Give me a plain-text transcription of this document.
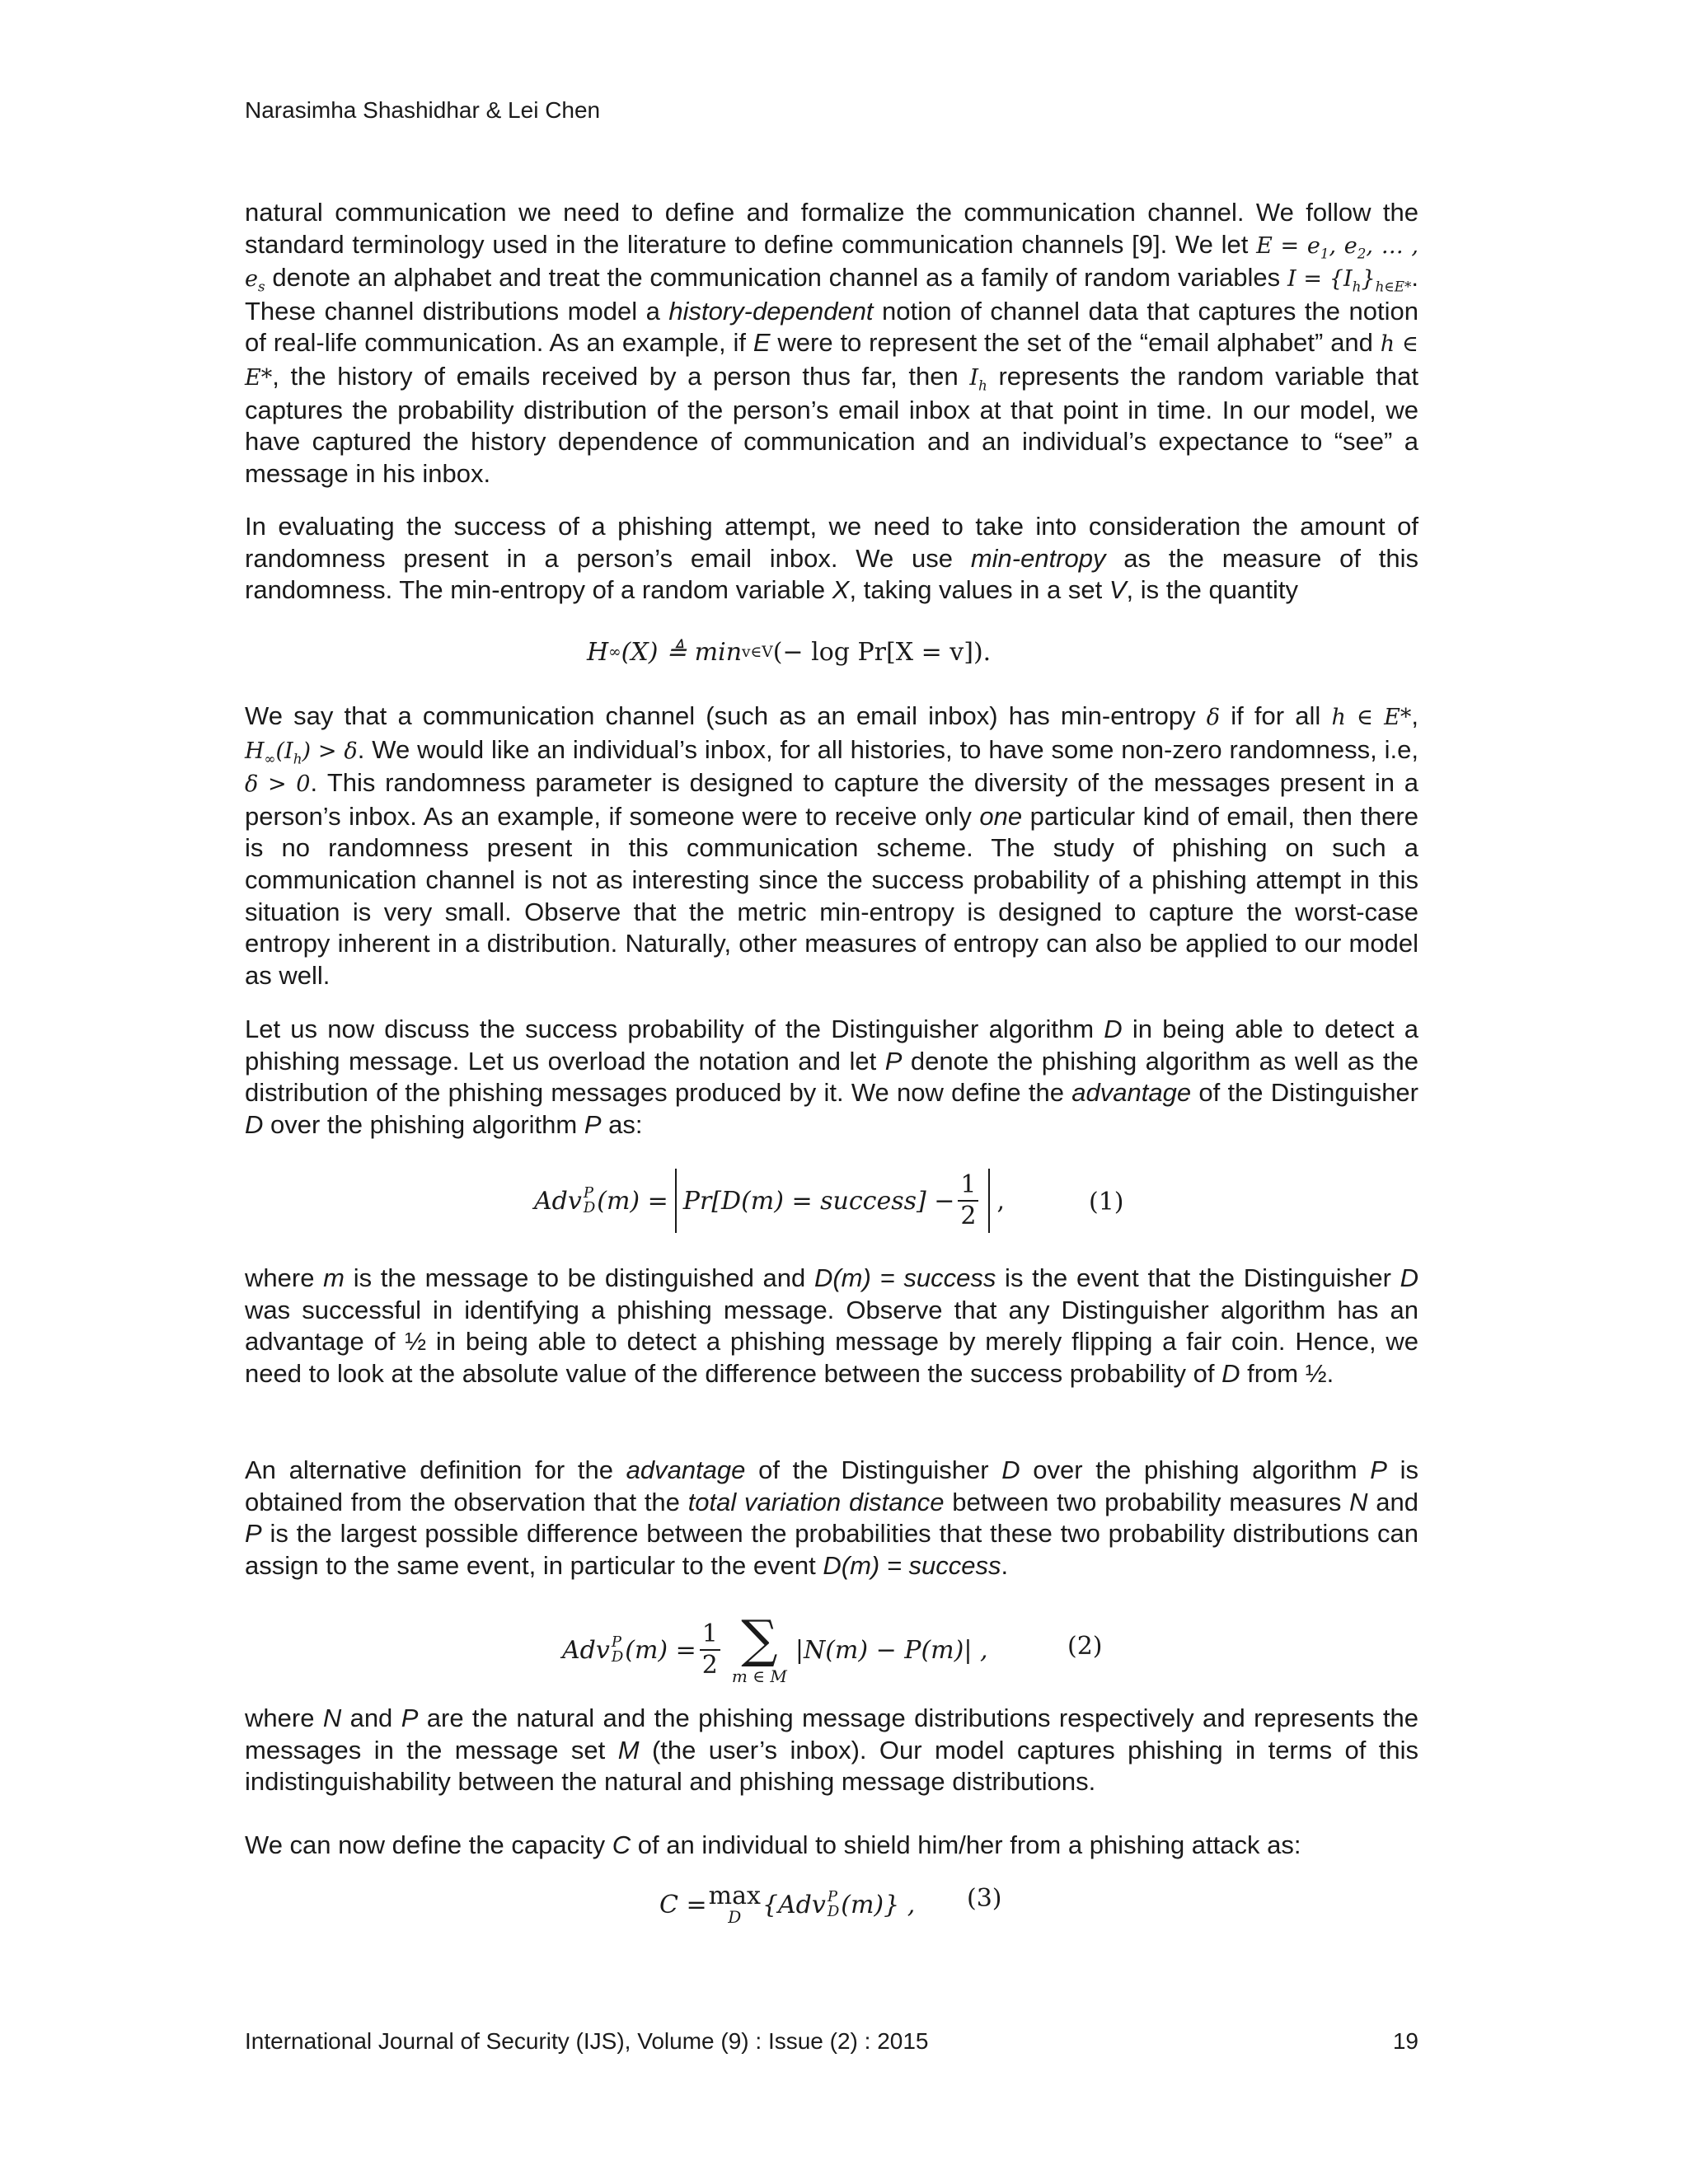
Narasimha Shashidhar & Lei Chen

natural communication we need to define and formalize the communication channel. We follow the standard terminology used in the literature to define communication channels [9]. We let $E = e_1$, $e_2$, … , $e_s$ denote an alphabet and treat the communication channel as a family of random variables $I = \{I_h\}_{h\in E*}$. These channel distributions model a history-dependent notion of channel data that captures the notion of real-life communication. As an example, if E were to represent the set of the “email alphabet” and h ∈ E*, the history of emails received by a person thus far, then $I_h$ represents the random variable that captures the probability distribution of the person’s email inbox at that point in time. In our model, we have captured the history dependence of communication and an individual’s expectance to “see” a message in his inbox.

In evaluating the success of a phishing attempt, we need to take into consideration the amount of randomness present in a person’s email inbox. We use min-entropy as the measure of this randomness. The min-entropy of a random variable X, taking values in a set V, is the quantity

H ∞ (X) ≜ min v∈V (− log Pr[X = v]).

We say that a communication channel (such as an email inbox) has min-entropy δ if for all h ∈ E*, $H_\infty(I_h) > \delta$. We would like an individual’s inbox, for all histories, to have some non-zero randomness, i.e, δ > 0. This randomness parameter is designed to capture the diversity of the messages present in a person’s inbox. As an example, if someone were to receive only one particular kind of email, then there is no randomness present in this communication scheme. The study of phishing on such a communication channel is not as interesting since the success probability of a phishing attempt in this situation is very small. Observe that the metric min-entropy is designed to capture the worst-case entropy inherent in a distribution. Naturally, other measures of entropy can also be applied to our model as well.

Let us now discuss the success probability of the Distinguisher algorithm D in being able to detect a phishing message. Let us overload the notation and let P denote the phishing algorithm as well as the distribution of the phishing messages produced by it. We now define the advantage of the Distinguisher D over the phishing algorithm P as:

Adv P
D (m) = Pr[D(m) = success] − $\frac{1}{2}$ ,	(1)

where m is the message to be distinguished and D(m) = success is the event that the Distinguisher D was successful in identifying a phishing message. Observe that any Distinguisher algorithm has an advantage of ½ in being able to detect a phishing message by merely flipping a fair coin. Hence, we need to look at the absolute value of the difference between the success probability of D from ½.

An alternative definition for the advantage of the Distinguisher D over the phishing algorithm P is obtained from the observation that the total variation distance between two probability measures N and P is the largest possible difference between the probabilities that these two probability distributions can assign to the same event, in particular to the event D(m) = success.

Adv P
D $(m) = \frac{1}{2}$ ∑
m ∈ M
|N(m) − P(m)| ,	(2)

where N and P are the natural and the phishing message distributions respectively and represents the messages in the message set M (the user’s inbox). Our model captures phishing in terms of this indistinguishability between the natural and phishing message distributions.

We can now define the capacity C of an individual to shield him/her from a phishing attack as:

C = max
D {Adv P
D (m)} , (3)
International Journal of Security (IJS), Volume (9) : Issue (2) : 2015	19
